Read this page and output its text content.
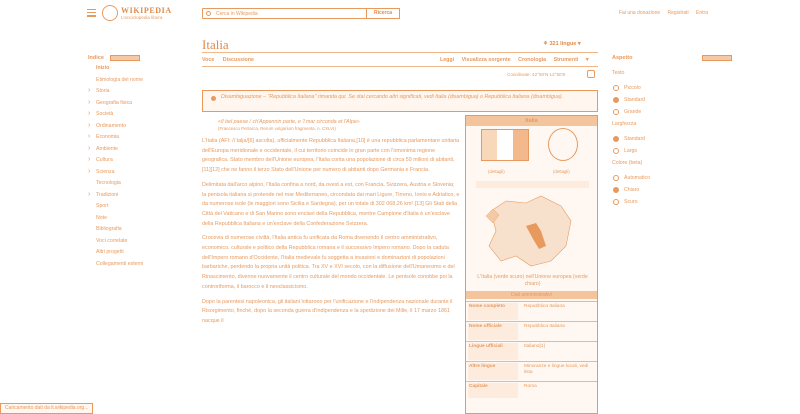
WIKIPEDIA
L'enciclopedia libera
Cerca in Wikipedia
Ricerca	Fai una donazione Registrati Entra
Indice
Inizio
Etimologia del nome
› Storia
› Geografia fisica
› Società
› Ordinamento
› Economia
› Ambiente
› Cultura
› Scienza
Tecnologia
› Tradizioni
Sport
Note
Bibliografia
Voci correlate
Altri progetti
Collegamenti esterni
Italia	⚘ 321 lingue ▾
Voce Discussione	Leggi Visualizza sorgente Cronologia Strumenti ▾
Coordinate: 42°50'N 12°50'E
Disambiguazione – "Repubblica Italiana" rimanda qui. Se stai cercando altri significati, vedi Italia (disambigua) o Repubblica Italiana (disambigua).
«Il bel paese / ch'Appennin parte, e 'l mar circonda et l'Alpe»
(Francesco Petrarca, Rerum vulgarium fragmenta, n. CXLVI)

L'Italia (AFI: /iˈtalja/[6] ascolta), ufficialmente Repubblica Italiana,[10] è una repubblica parlamentare unitaria dell'Europa meridionale e occidentale, il cui territorio coincide in gran parte con l'omonima regione geografica. Stato membro dell'Unione europea, l'Italia conta una popolazione di circa 59 milioni di abitanti,[11][12] che ne fanno il terzo Stato dell'Unione per numero di abitanti dopo Germania e Francia.

Delimitata dall'arco alpino, l'Italia confina a nord, da ovest a est, con Francia, Svizzera, Austria e Slovenia; la penisola italiana si protende nel mar Mediterraneo, circondata dai mari Ligure, Tirreno, Ionio e Adriatico, e da numerose isole (le maggiori sono Sicilia e Sardegna), per un totale di 302 068,26 km².[13] Gli Stati della Città del Vaticano e di San Marino sono enclavi della Repubblica, mentre Campione d'Italia è un'exclave della Repubblica Italiana e un'exclave della Confederazione Svizzera.

Crocevia di numerose civiltà, l'Italia antica fu unificata da Roma divenendo il centro amministrativo, economico, culturale e politico della Repubblica romana e il successivo Impero romano. Dopo la caduta dell'Impero romano d'Occidente, l'Italia medievale fu soggetta a invasioni e dominazioni di popolazioni barbariche, perdendo la propria unità politica. Tra XV e XVI secolo, con la diffusione dell'Umanesimo e del Rinascimento, divenne nuovamente il centro culturale del mondo occidentale. Le penisole conobbe poi la controriforma, il barocco e il neoclassicismo.

Dopo la parentesi napoleonica, gli italiani lottarono per l'unificazione e l'indipendenza nazionale durante il Risorgimento, finché, dopo la seconda guerra d'indipendenza e la spedizione dei Mille, il 17 marzo 1861 nacque il

Italia
(dettagli)	(dettagli)
L'Italia (verde scuro) nell'Unione europea (verde chiaro)
Dati amministrativi
Nome completo	Repubblica Italiana
Nome ufficiale	Repubblica Italiana
Lingue ufficiali	Italiano[1]
Altre lingue	Minoranze e lingue locali, vedi lista
Capitale	Roma
Aspetto
Testo
Piccolo
Standard
Grande
Larghezza
Standard
Largo
Colore (beta)
Automatico
Chiaro
Scuro
Caricamento dati da it.wikipedia.org...
